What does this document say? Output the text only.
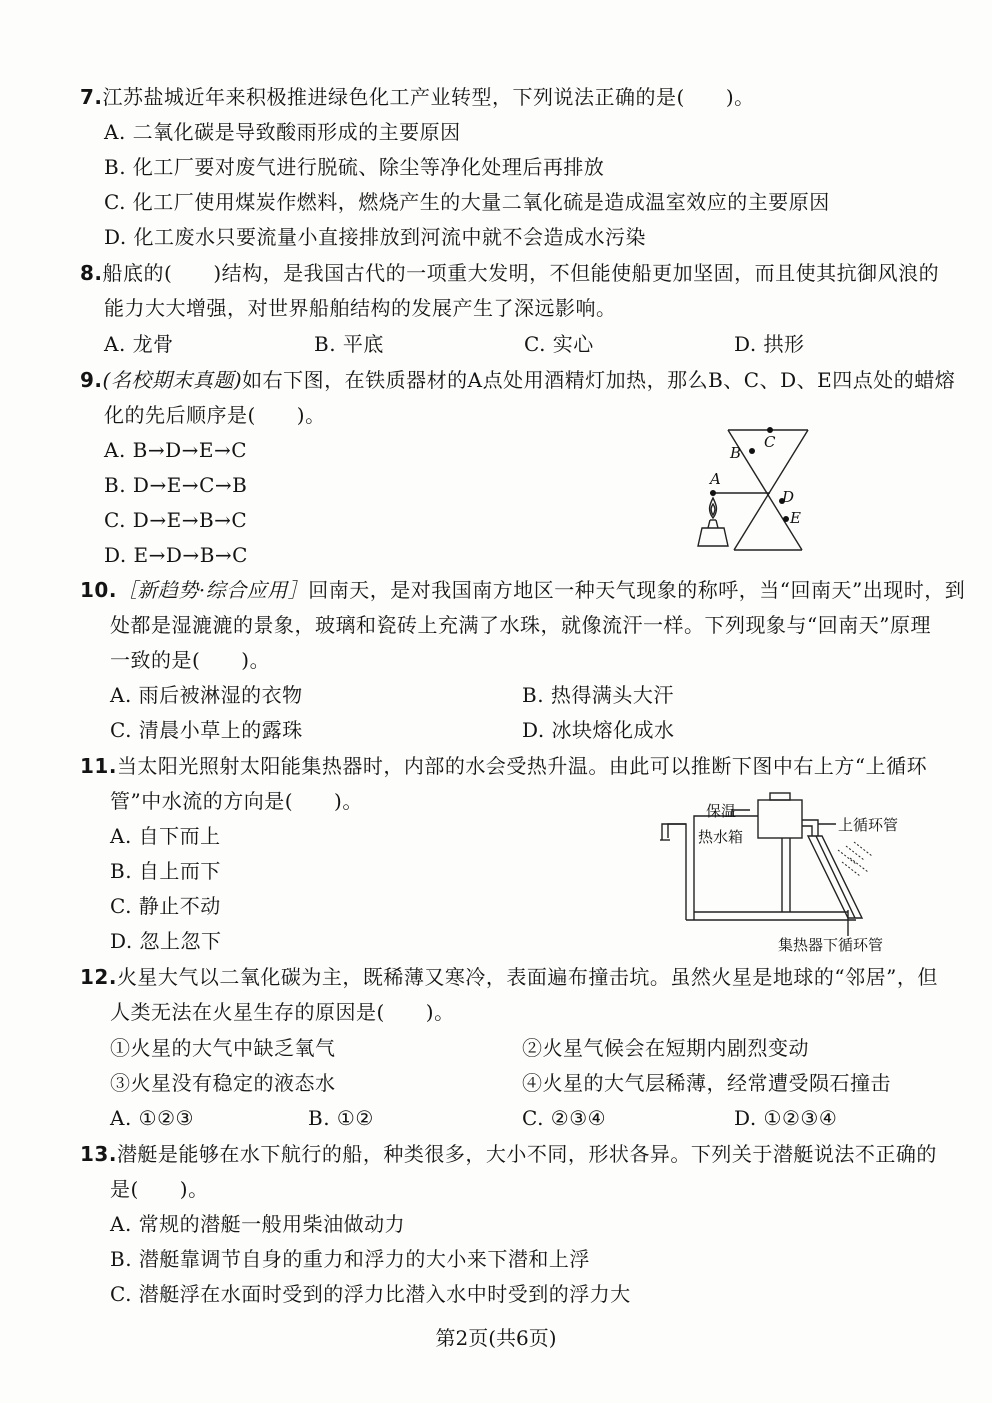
7.江苏盐城近年来积极推进绿色化工产业转型，下列说法正确的是(　　)。
A. 二氧化碳是导致酸雨形成的主要原因
B. 化工厂要对废气进行脱硫、除尘等净化处理后再排放
C. 化工厂使用煤炭作燃料，燃烧产生的大量二氧化硫是造成温室效应的主要原因
D. 化工废水只要流量小直接排放到河流中就不会造成水污染
8.船底的(　　)结构，是我国古代的一项重大发明，不但能使船更加坚固，而且使其抗御风浪的
能力大大增强，对世界船舶结构的发展产生了深远影响。
A. 龙骨	B. 平底	C. 实心	D. 拱形
9.(名校期末真题)如右下图，在铁质器材的A点处用酒精灯加热，那么B、C、D、E四点处的蜡熔
化的先后顺序是(　　)。
A. B→D→E→C
B. D→E→C→B
C. D→E→B→C
D. E→D→B→C
A
B
C
D
E
10.［新趋势·综合应用］回南天，是对我国南方地区一种天气现象的称呼，当“回南天”出现时，到
处都是湿漉漉的景象，玻璃和瓷砖上充满了水珠，就像流汗一样。下列现象与“回南天”原理
一致的是(　　)。
A. 雨后被淋湿的衣物	B. 热得满头大汗
C. 清晨小草上的露珠	D. 冰块熔化成水
11.当太阳光照射太阳能集热器时，内部的水会受热升温。由此可以推断下图中右上方“上循环
管”中水流的方向是(　　)。
A. 自下而上
B. 自上而下
C. 静止不动
D. 忽上忽下
保温
热水箱
上循环管
集热器下循环管
12.火星大气以二氧化碳为主，既稀薄又寒冷，表面遍布撞击坑。虽然火星是地球的“邻居”，但
人类无法在火星生存的原因是(　　)。
①火星的大气中缺乏氧气	②火星气候会在短期内剧烈变动
③火星没有稳定的液态水	④火星的大气层稀薄，经常遭受陨石撞击
A. ①②③	B. ①②	C. ②③④	D. ①②③④
13.潜艇是能够在水下航行的船，种类很多，大小不同，形状各异。下列关于潜艇说法不正确的
是(　　)。
A. 常规的潜艇一般用柴油做动力
B. 潜艇靠调节自身的重力和浮力的大小来下潜和上浮
C. 潜艇浮在水面时受到的浮力比潜入水中时受到的浮力大
第2页(共6页)
